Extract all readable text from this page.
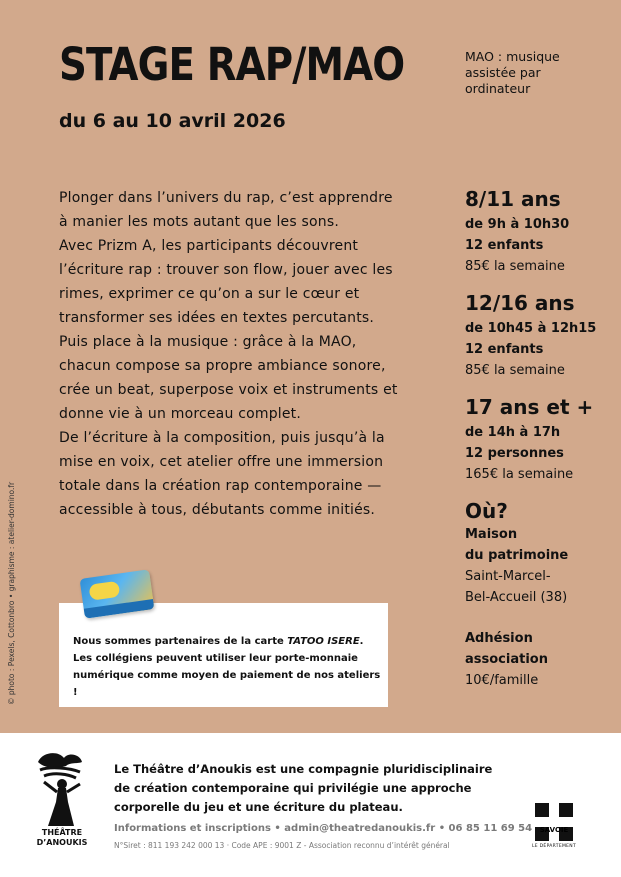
STAGE RAP/MAO
du 6 au 10 avril 2026
MAO : musique assistée par ordinateur

Plonger dans l’univers du rap, c’est apprendre à manier les mots autant que les sons.

Avec Prizm A, les participants découvrent l’écriture rap : trouver son flow, jouer avec les rimes, exprimer ce qu’on a sur le cœur et transformer ses idées en textes percutants.

Puis place à la musique : grâce à la MAO, chacun compose sa propre ambiance sonore, crée un beat, superpose voix et instruments et donne vie à un morceau complet.

De l’écriture à la composition, puis jusqu’à la mise en voix, cet atelier offre une immersion totale dans la création rap contemporaine — accessible à tous, débutants comme initiés.

8/11 ans
de 9h à 10h30
12 enfants
85€ la semaine
12/16 ans
de 10h45 à 12h15
12 enfants
85€ la semaine
17 ans et +
de 14h à 17h
12 personnes
165€ la semaine
Où?
Maison
du patrimoine
Saint-Marcel-
Bel-Accueil (38)
Adhésion
association
10€/famille
© photo : Pexels, Cottonbro • graphisme : atelier-domino.fr	Nous sommes partenaires de la carte TATOO ISERE. Les collégiens peuvent utiliser leur porte-monnaie numérique comme moyen de paiement de nos ateliers !
THÉÂTRE
D’ANOUKIS
Le Théâtre d’Anoukis est une compagnie pluridisciplinaire de création contemporaine qui privilégie une approche corporelle du jeu et une écriture du plateau.
Informations et inscriptions • admin@theatredanoukis.fr • 06 85 11 69 54
N°Siret : 811 193 242 000 13 · Code APE : 9001 Z - Association reconnu d’intérêt général
SAVOIE
LE DÉPARTEMENT
